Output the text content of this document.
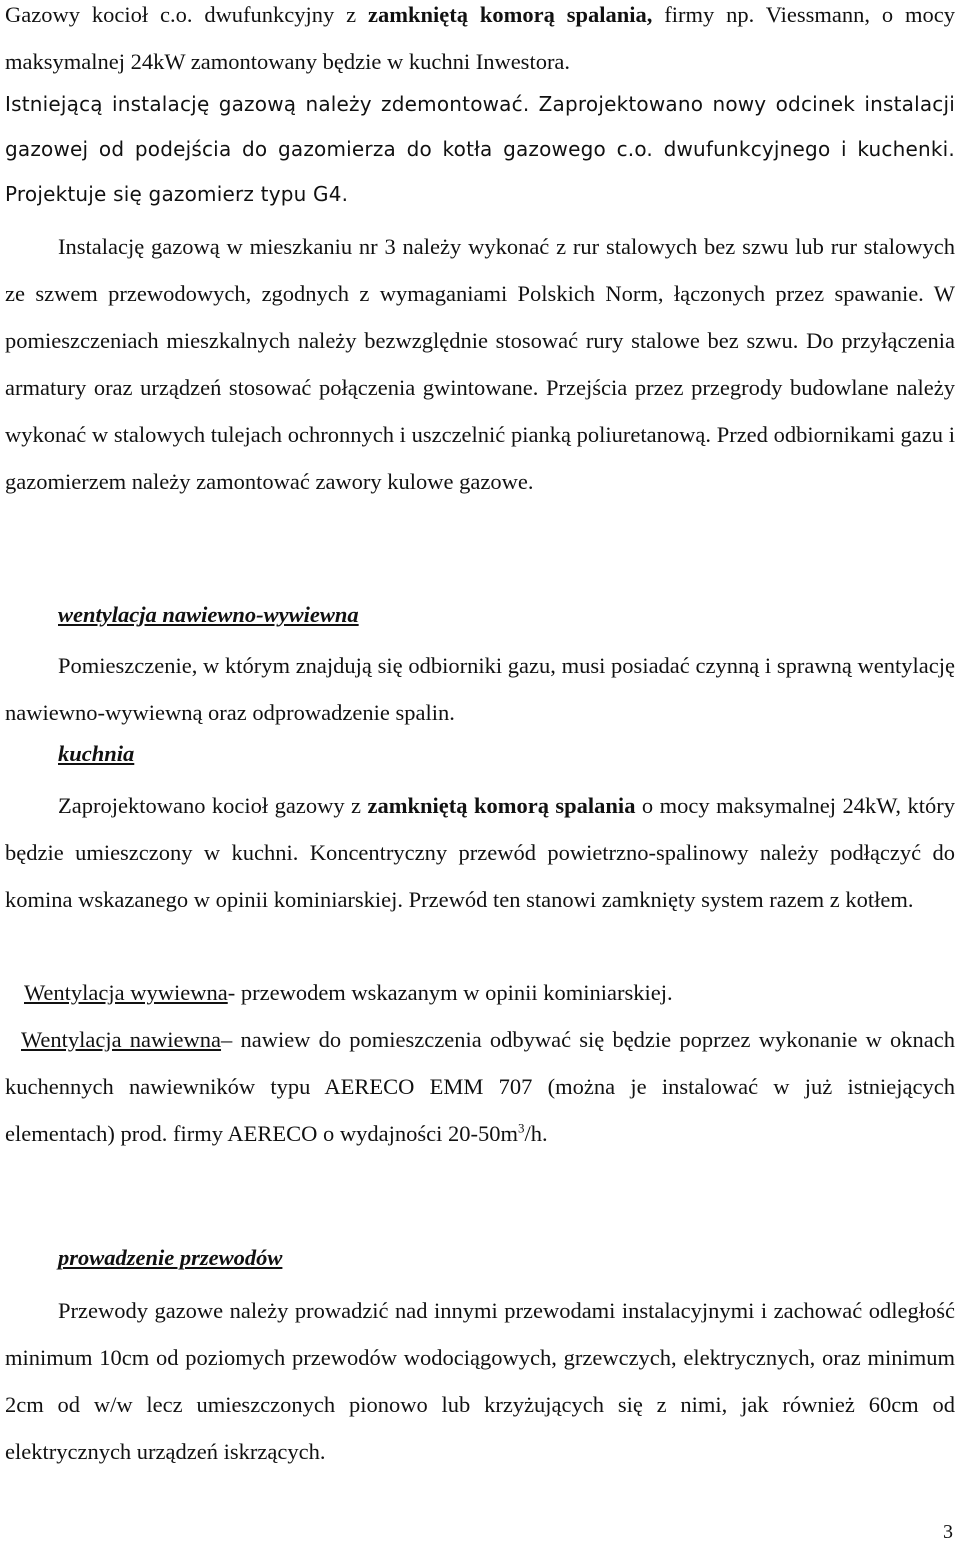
Gazowy kocioł c.o. dwufunkcyjny z zamkniętą komorą spalania, firmy np. Viessmann, o mocy maksymalnej 24kW zamontowany będzie w kuchni Inwestora.

Istniejącą instalację gazową należy zdemontować. Zaprojektowano nowy odcinek instalacji gazowej od podejścia do gazomierza do kotła gazowego c.o. dwufunkcyjnego i kuchenki. Projektuje się gazomierz typu G4.

Instalację gazową w mieszkaniu nr 3 należy wykonać z rur stalowych bez szwu lub rur stalowych ze szwem przewodowych, zgodnych z wymaganiami Polskich Norm, łączonych przez spawanie. W pomieszczeniach mieszkalnych należy bezwzględnie stosować rury stalowe bez szwu. Do przyłączenia armatury oraz urządzeń stosować połączenia gwintowane. Przejścia przez przegrody budowlane należy wykonać w stalowych tulejach ochronnych i uszczelnić pianką poliuretanową. Przed odbiornikami gazu i gazomierzem należy zamontować zawory kulowe gazowe.

wentylacja nawiewno-wywiewna

Pomieszczenie, w którym znajdują się odbiorniki gazu, musi posiadać czynną i sprawną wentylację nawiewno-wywiewną oraz odprowadzenie spalin.

kuchnia

Zaprojektowano kocioł gazowy z zamkniętą komorą spalania o mocy maksymalnej 24kW, który będzie umieszczony w kuchni. Koncentryczny przewód powietrzno-spalinowy należy podłączyć do komina wskazanego w opinii kominiarskiej. Przewód ten stanowi zamknięty system razem z kotłem.

Wentylacja wywiewna- przewodem wskazanym w opinii kominiarskiej.

Wentylacja nawiewna– nawiew do pomieszczenia odbywać się będzie poprzez wykonanie w oknach kuchennych nawiewników typu AERECO EMM 707 (można je instalować w już istniejących elementach) prod. firmy AERECO o wydajności $20-50m^3/h$.

prowadzenie przewodów

Przewody gazowe należy prowadzić nad innymi przewodami instalacyjnymi i zachować odległość minimum 10cm od poziomych przewodów wodociągowych, grzewczych, elektrycznych, oraz minimum 2cm od w/w lecz umieszczonych pionowo lub krzyżujących się z nimi, jak również 60cm od elektrycznych urządzeń iskrzących.

3
